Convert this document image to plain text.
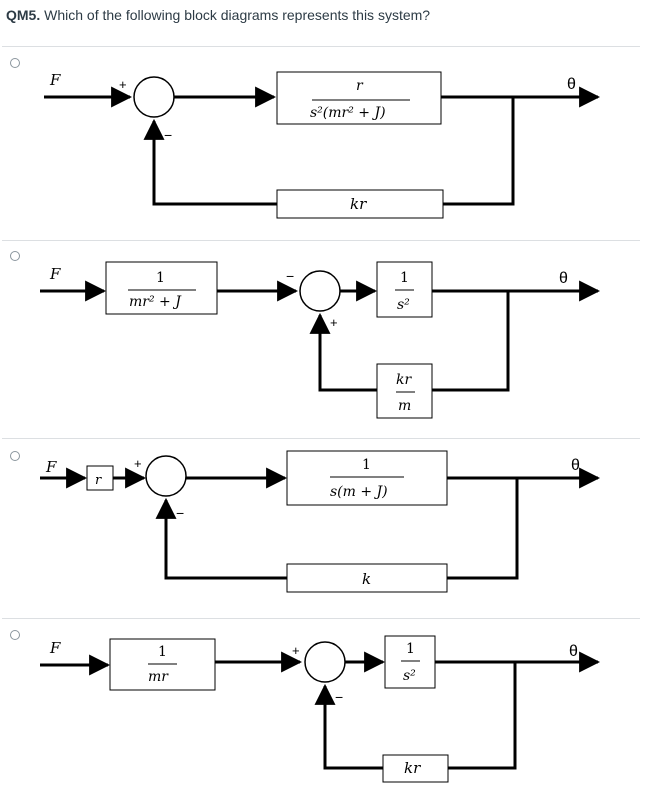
QM5. Which of the following block diagrams represents this system?
F	θ
+
−
r
s²(mr² + J)
kr
F	θ
−
+
1
mr² + J
1
s²
kr
m
F	θ
+
−
r
1
s(m + J)
k
F	θ
+
−
1
mr
1
s²
kr
